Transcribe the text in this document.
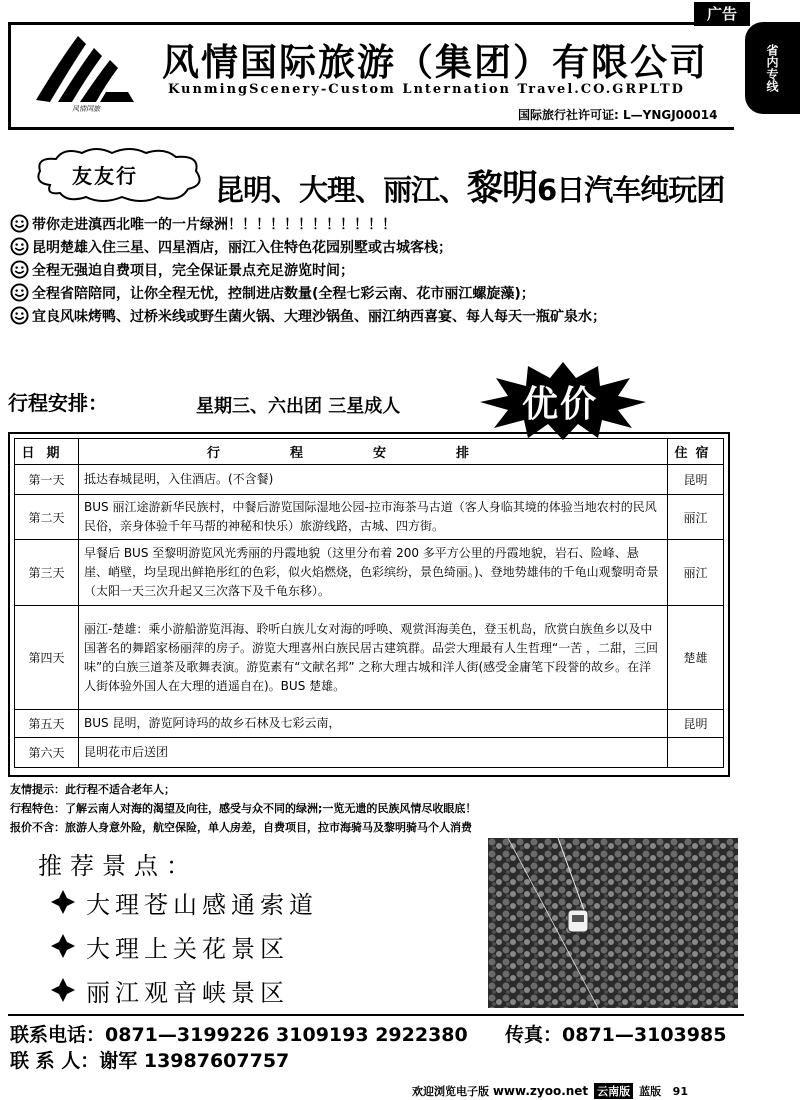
广告
省内专线
风情国旅
风情国际旅游（集团）有限公司
KunmingScenery-Custom Lnternation Travel.CO.GRPLTD
国际旅行社许可证: L—YNGJ00014
友友行	昆明、大理、丽江、黎明6日汽车纯玩团
带你走进滇西北唯一的一片绿洲！！！！！！！！！！！！
昆明楚雄入住三星、四星酒店，丽江入住特色花园别墅或古城客栈；
全程无强迫自费项目，完全保证景点充足游览时间；
全程省陪陪同，让你全程无忧，控制进店数量(全程七彩云南、花市丽江螺旋藻)；
宜良风味烤鸭、过桥米线或野生菌火锅、大理沙锅鱼、丽江纳西喜宴、每人每天一瓶矿泉水；
行程安排：	星期三、六出团 三星成人	优价
日期	行程安排	住宿
第一天	抵达春城昆明，入住酒店。(不含餐)	昆明
第二天	BUS 丽江途游新华民族村，中餐后游览国际湿地公园-拉市海茶马古道（客人身临其境的体验当地农村的民风民俗，亲身体验千年马帮的神秘和快乐）旅游线路，古城、四方街。	丽江
第三天	早餐后 BUS 至黎明游览风光秀丽的丹霞地貌（这里分布着 200 多平方公里的丹霞地貌，岩石、险峰、悬崖、峭壁，均呈现出鲜艳彤红的色彩，似火焰燃烧，色彩缤纷，景色绮丽。)、登地势雄伟的千龟山观黎明奇景（太阳一天三次升起又三次落下及千龟东移）。	丽江
第四天	丽江-楚雄：乘小游船游览洱海、聆听白族儿女对海的呼唤、观赏洱海美色，登玉机岛，欣赏白族鱼乡以及中国著名的舞蹈家杨丽萍的房子。游览大理喜州白族民居古建筑群。品尝大理最有人生哲理“一苦 ，二甜，三回味”的白族三道茶及歌舞表演。游览素有“文献名邦” 之称大理古城和洋人街(感受金庸笔下段誉的故乡。在洋人街体验外国人在大理的逍遥自在)。BUS 楚雄。	楚雄
第五天	BUS 昆明，游览阿诗玛的故乡石林及七彩云南，	昆明
第六天	昆明花市后送团	
友情提示：此行程不适合老年人；
行程特色：了解云南人对海的渴望及向往，感受与众不同的绿洲;一览无遗的民族风情尽收眼底！
报价不含：旅游人身意外险，航空保险，单人房差，自费项目，拉市海骑马及黎明骑马个人消费
推荐景点：
大理苍山感通索道
大理上关花景区
丽江观音峡景区
联系电话：0871—3199226 3109193 2922380
联 系 人：谢军 13987607757
传真：0871—3103985
欢迎浏览电子版
www.zyoo.net 云南版 蓝版
91
